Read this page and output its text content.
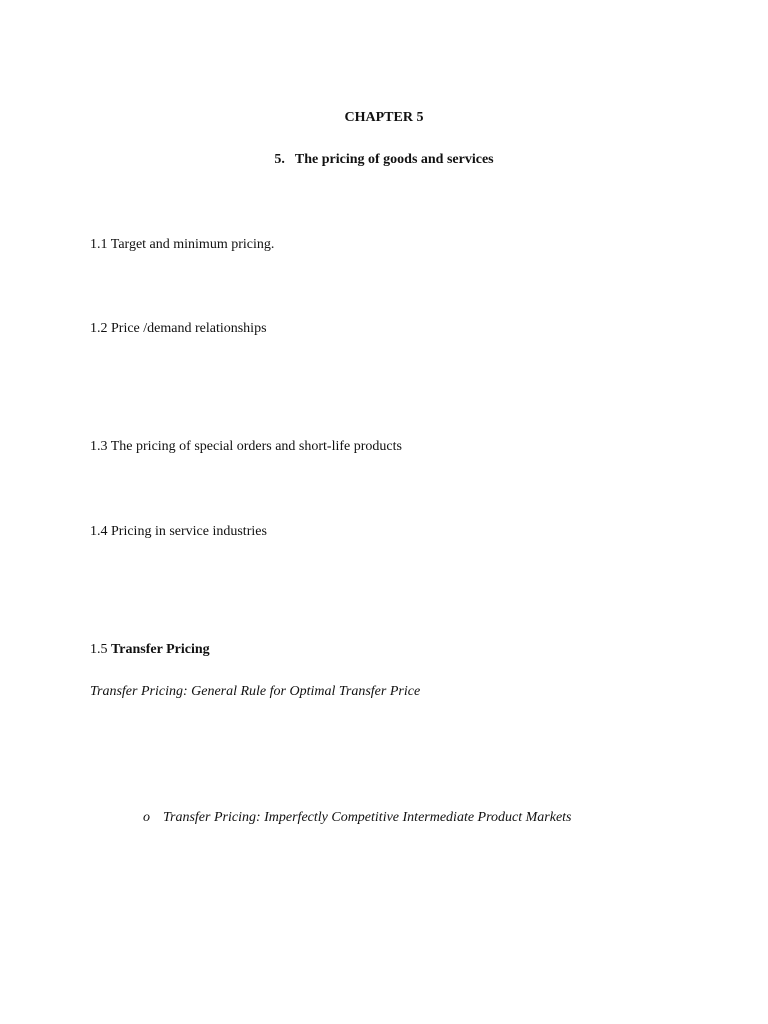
CHAPTER 5
5. The pricing of goods and services
1.1 Target and minimum pricing.
1.2 Price /demand relationships
1.3 The pricing of special orders and short-life products
1.4 Pricing in service industries
1.5 Transfer Pricing
Transfer Pricing: General Rule for Optimal Transfer Price
o Transfer Pricing: Imperfectly Competitive Intermediate Product Markets
